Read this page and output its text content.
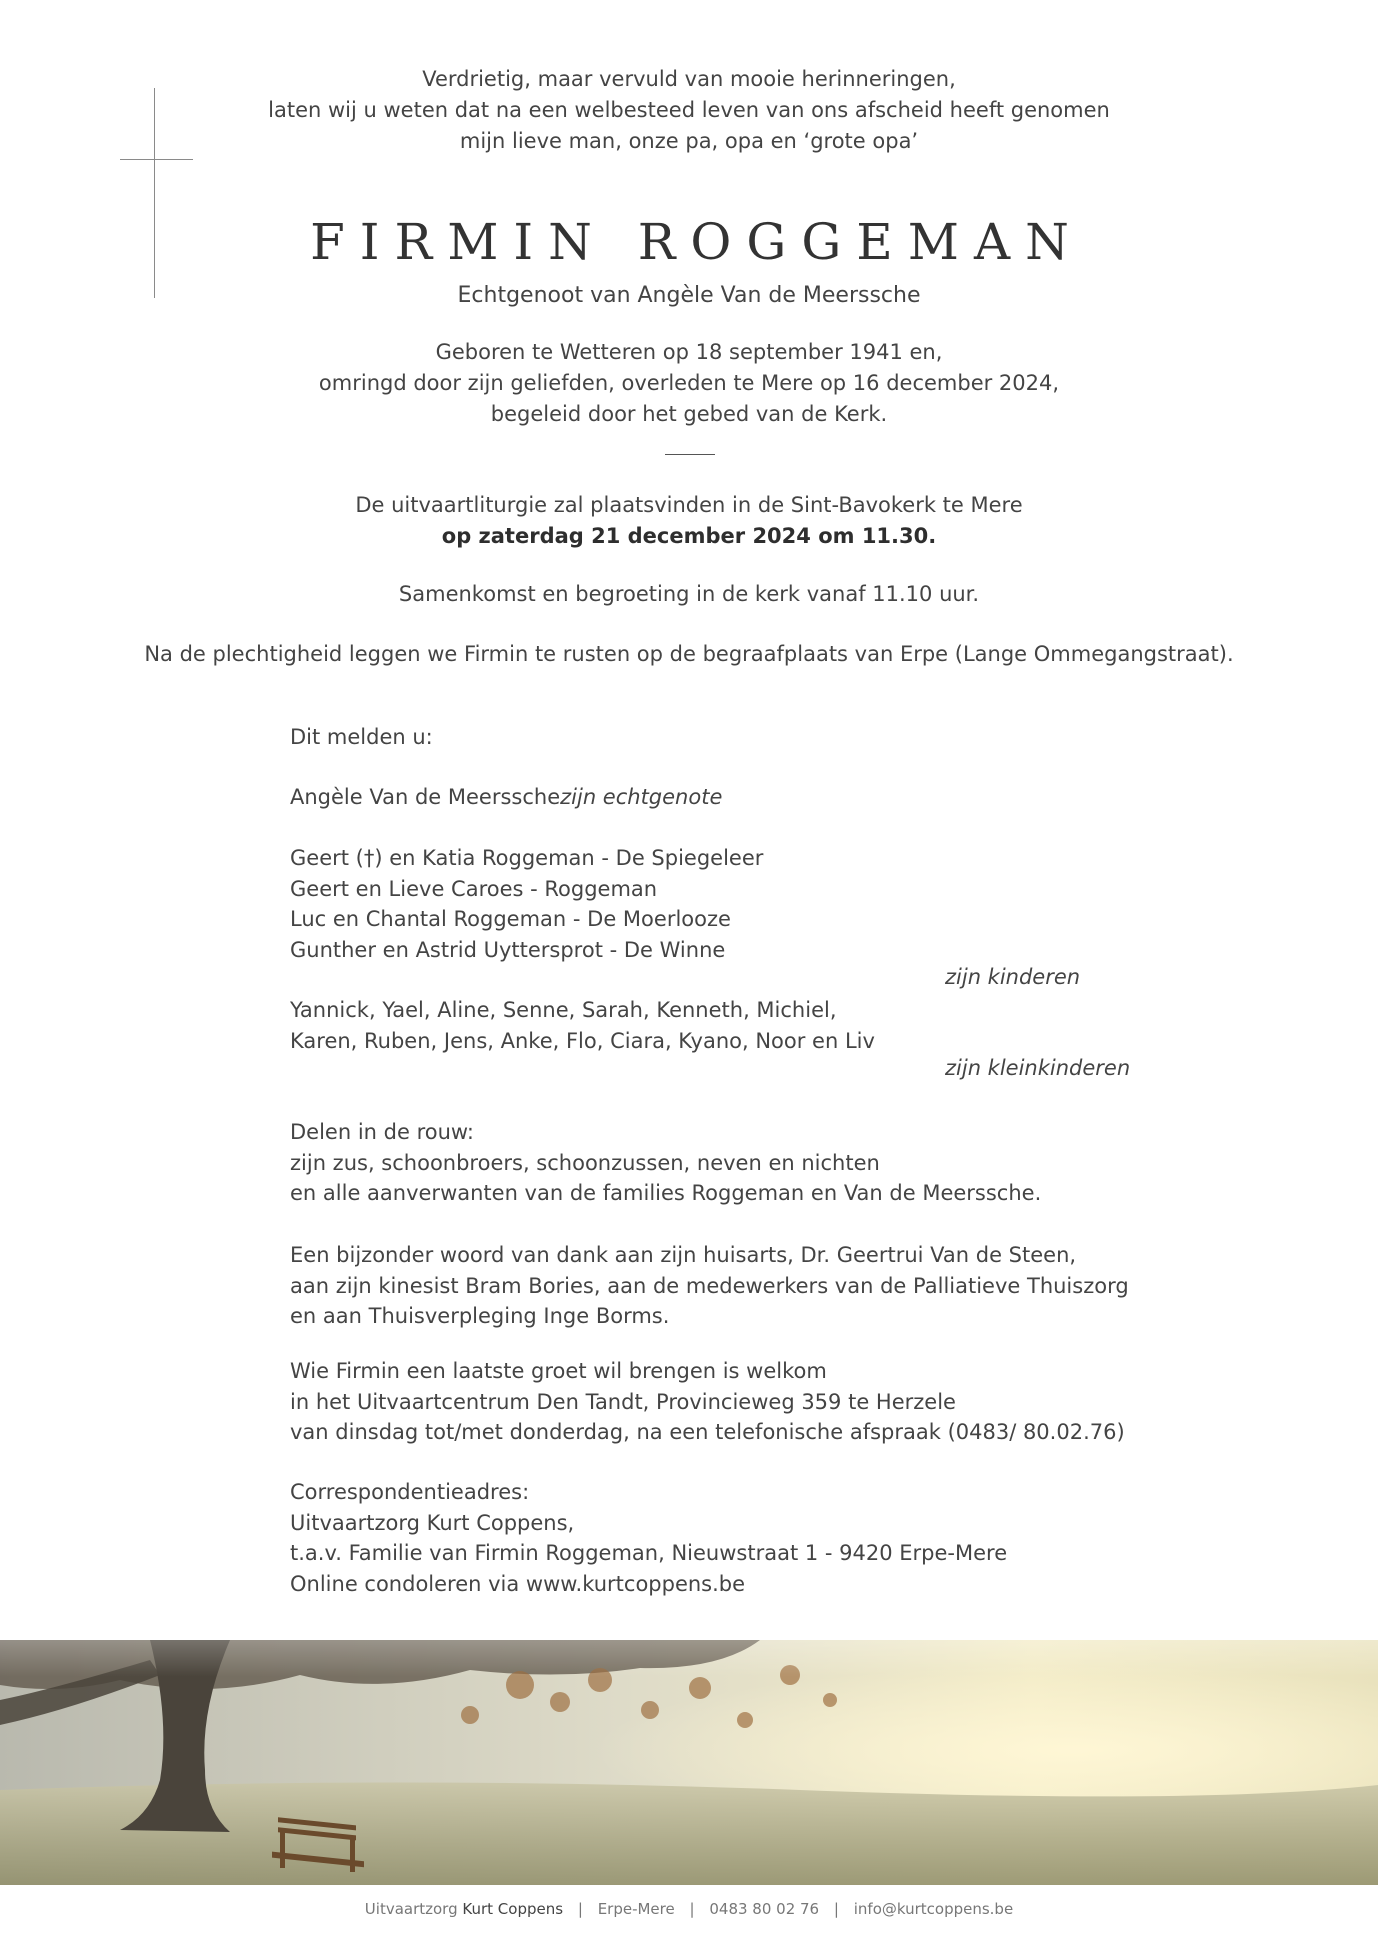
Verdrietig, maar vervuld van mooie herinneringen,
laten wij u weten dat na een welbesteed leven van ons afscheid heeft genomen
mijn lieve man, onze pa, opa en ‘grote opa’
FIRMIN ROGGEMAN
Echtgenoot van Angèle Van de Meerssche
Geboren te Wetteren op 18 september 1941 en,
omringd door zijn geliefden, overleden te Mere op 16 december 2024,
begeleid door het gebed van de Kerk.
De uitvaartliturgie zal plaatsvinden in de Sint-Bavokerk te Mere
op zaterdag 21 december 2024 om 11.30.
Samenkomst en begroeting in de kerk vanaf 11.10 uur.
Na de plechtigheid leggen we Firmin te rusten op de begraafplaats van Erpe (Lange Ommegangstraat).
Dit melden u:
Angèle Van de Meersschezijn echtgenote
Geert (†) en Katia Roggeman - De Spiegeleer
Geert en Lieve Caroes - Roggeman
Luc en Chantal Roggeman - De Moerlooze
Gunther en Astrid Uyttersprot - De Winne
zijn kinderen
Yannick, Yael, Aline, Senne, Sarah, Kenneth, Michiel,
Karen, Ruben, Jens, Anke, Flo, Ciara, Kyano, Noor en Liv
zijn kleinkinderen
Delen in de rouw:
zijn zus, schoonbroers, schoonzussen, neven en nichten
en alle aanverwanten van de families Roggeman en Van de Meerssche.
Een bijzonder woord van dank aan zijn huisarts, Dr. Geertrui Van de Steen,
aan zijn kinesist Bram Bories, aan de medewerkers van de Palliatieve Thuiszorg
en aan Thuisverpleging Inge Borms.
Wie Firmin een laatste groet wil brengen is welkom
in het Uitvaartcentrum Den Tandt, Provincieweg 359 te Herzele
van dinsdag tot/met donderdag, na een telefonische afspraak (0483/ 80.02.76)
Correspondentieadres:
Uitvaartzorg Kurt Coppens,
t.a.v. Familie van Firmin Roggeman, Nieuwstraat 1 - 9420 Erpe-Mere
Online condoleren via www.kurtcoppens.be
Uitvaartzorg Kurt Coppens | Erpe-Mere | 0483 80 02 76 | info@kurtcoppens.be
